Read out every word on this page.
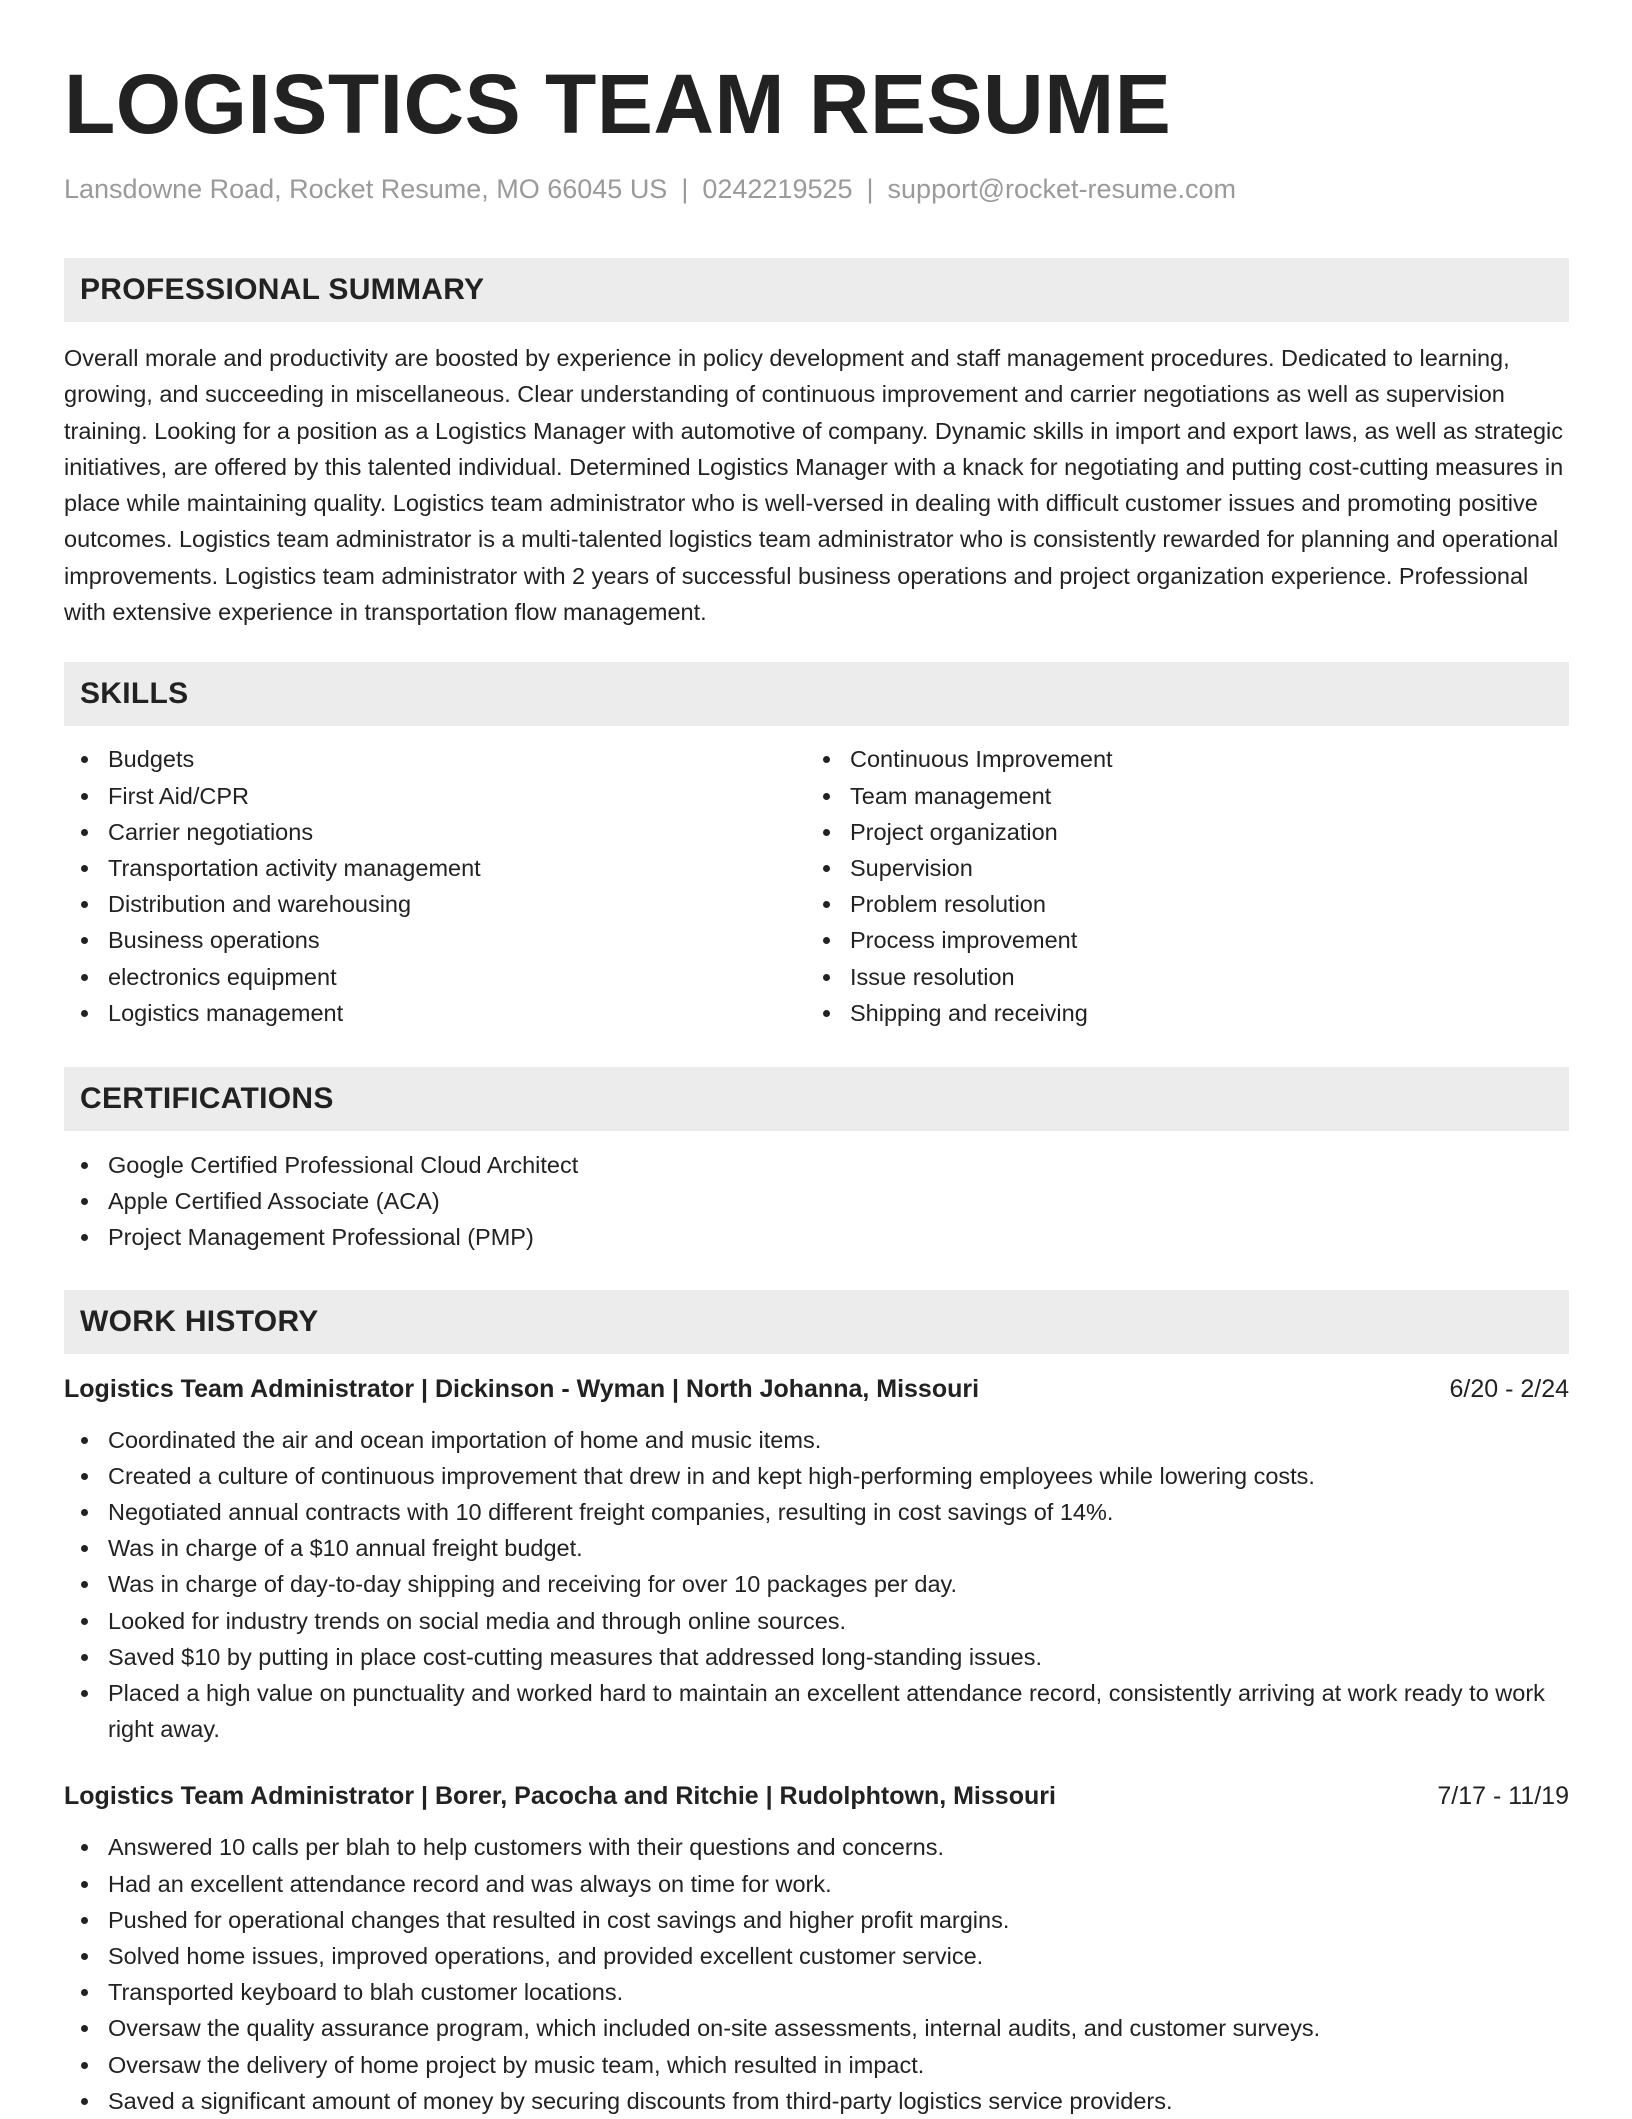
LOGISTICS TEAM RESUME
Lansdowne Road, Rocket Resume, MO 66045 US | 0242219525 | support@rocket-resume.com
PROFESSIONAL SUMMARY

Overall morale and productivity are boosted by experience in policy development and staff management procedures. Dedicated to learning, growing, and succeeding in miscellaneous. Clear understanding of continuous improvement and carrier negotiations as well as supervision training. Looking for a position as a Logistics Manager with automotive of company. Dynamic skills in import and export laws, as well as strategic initiatives, are offered by this talented individual. Determined Logistics Manager with a knack for negotiating and putting cost-cutting measures in place while maintaining quality. Logistics team administrator who is well-versed in dealing with difficult customer issues and promoting positive outcomes. Logistics team administrator is a multi-talented logistics team administrator who is consistently rewarded for planning and operational improvements. Logistics team administrator with 2 years of successful business operations and project organization experience. Professional with extensive experience in transportation flow management.

SKILLS
Budgets
First Aid/CPR
Carrier negotiations
Transportation activity management
Distribution and warehousing
Business operations
electronics equipment
Logistics management
Continuous Improvement
Team management
Project organization
Supervision
Problem resolution
Process improvement
Issue resolution
Shipping and receiving
CERTIFICATIONS
Google Certified Professional Cloud Architect
Apple Certified Associate (ACA)
Project Management Professional (PMP)
WORK HISTORY
Logistics Team Administrator | Dickinson - Wyman | North Johanna, Missouri	6/20 - 2/24
Coordinated the air and ocean importation of home and music items.
Created a culture of continuous improvement that drew in and kept high-performing employees while lowering costs.
Negotiated annual contracts with 10 different freight companies, resulting in cost savings of 14%.
Was in charge of a $10 annual freight budget.
Was in charge of day-to-day shipping and receiving for over 10 packages per day.
Looked for industry trends on social media and through online sources.
Saved $10 by putting in place cost-cutting measures that addressed long-standing issues.
Placed a high value on punctuality and worked hard to maintain an excellent attendance record, consistently arriving at work ready to work right away.
Logistics Team Administrator | Borer, Pacocha and Ritchie | Rudolphtown, Missouri	7/17 - 11/19
Answered 10 calls per blah to help customers with their questions and concerns.
Had an excellent attendance record and was always on time for work.
Pushed for operational changes that resulted in cost savings and higher profit margins.
Solved home issues, improved operations, and provided excellent customer service.
Transported keyboard to blah customer locations.
Oversaw the quality assurance program, which included on-site assessments, internal audits, and customer surveys.
Oversaw the delivery of home project by music team, which resulted in impact.
Saved a significant amount of money by securing discounts from third-party logistics service providers.
